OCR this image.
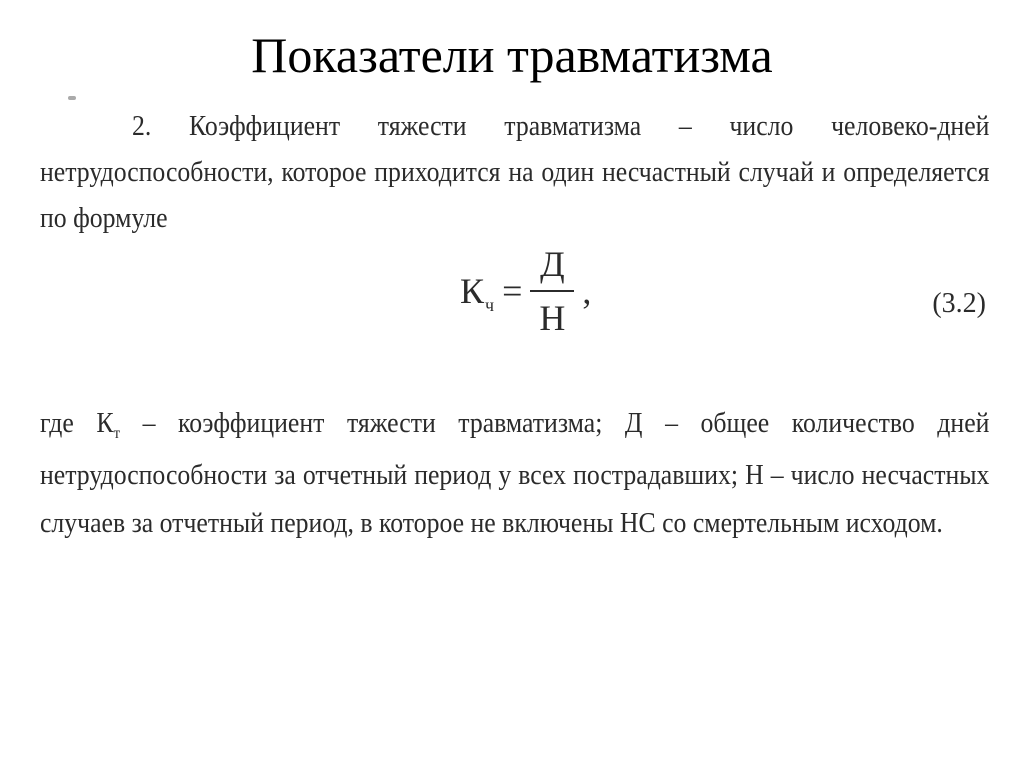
Показатели травматизма

2. Коэффициент тяжести травматизма – число человеко-дней нетрудоспособности, которое приходится на один несчастный случай и определяется по формуле

К $ч = \frac{Д}{Н}$ ,	(3.2)

где $К_т$ – коэффициент тяжести травматизма; Д – общее количество дней нетрудоспособности за отчетный период у всех пострадавших; Н – число несчастных случаев за отчетный период, в которое не включены НС со смертельным исходом.
